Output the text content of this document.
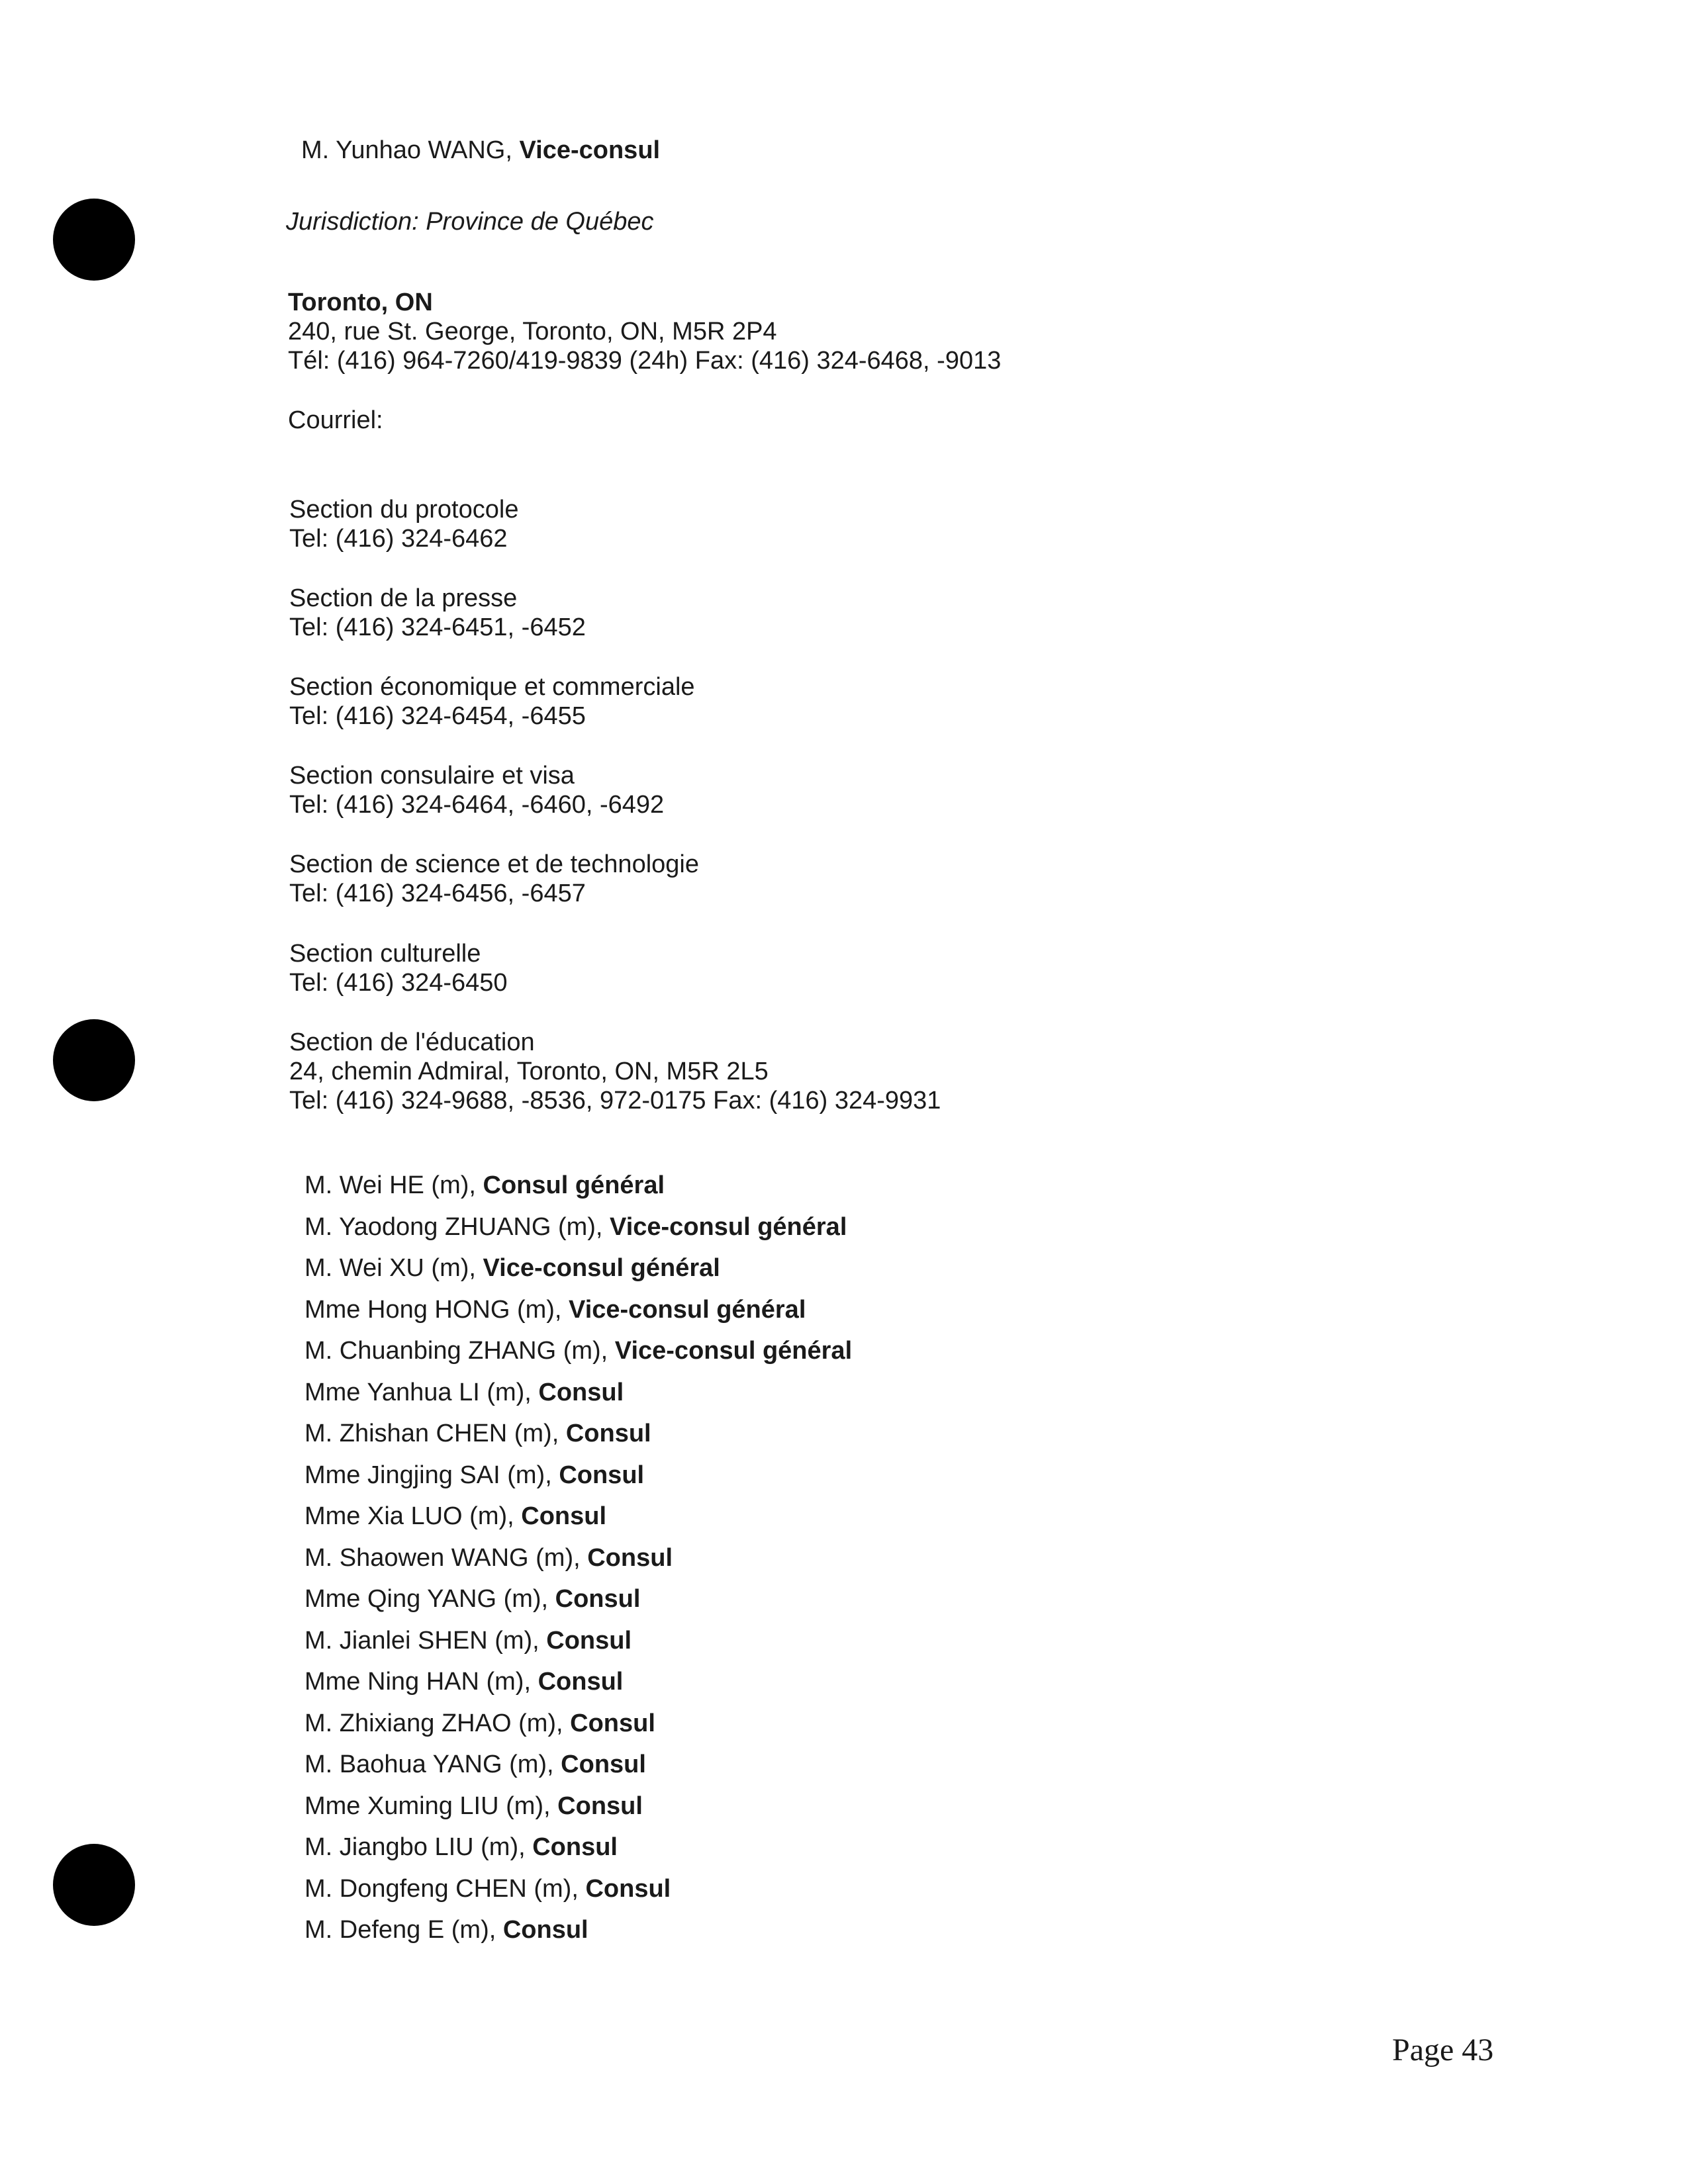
M. Yunhao WANG, Vice-consul
Jurisdiction: Province de Québec
Toronto, ON
240, rue St. George, Toronto, ON, M5R 2P4
Tél: (416) 964-7260/419-9839 (24h) Fax: (416) 324-6468, -9013
Courriel:
Section du protocole
Tel: (416) 324-6462
Section de la presse
Tel: (416) 324-6451, -6452
Section économique et commerciale
Tel: (416) 324-6454, -6455
Section consulaire et visa
Tel: (416) 324-6464, -6460, -6492
Section de science et de technologie
Tel: (416) 324-6456, -6457
Section culturelle
Tel: (416) 324-6450
Section de l'éducation
24, chemin Admiral, Toronto, ON, M5R 2L5
Tel: (416) 324-9688, -8536, 972-0175 Fax: (416) 324-9931
M. Wei HE (m), Consul général
M. Yaodong ZHUANG (m), Vice-consul général
M. Wei XU (m), Vice-consul général
Mme Hong HONG (m), Vice-consul général
M. Chuanbing ZHANG (m), Vice-consul général
Mme Yanhua LI (m), Consul
M. Zhishan CHEN (m), Consul
Mme Jingjing SAI (m), Consul
Mme Xia LUO (m), Consul
M. Shaowen WANG (m), Consul
Mme Qing YANG (m), Consul
M. Jianlei SHEN (m), Consul
Mme Ning HAN (m), Consul
M. Zhixiang ZHAO (m), Consul
M. Baohua YANG (m), Consul
Mme Xuming LIU (m), Consul
M. Jiangbo LIU (m), Consul
M. Dongfeng CHEN (m), Consul
M. Defeng E (m), Consul
Page 43
